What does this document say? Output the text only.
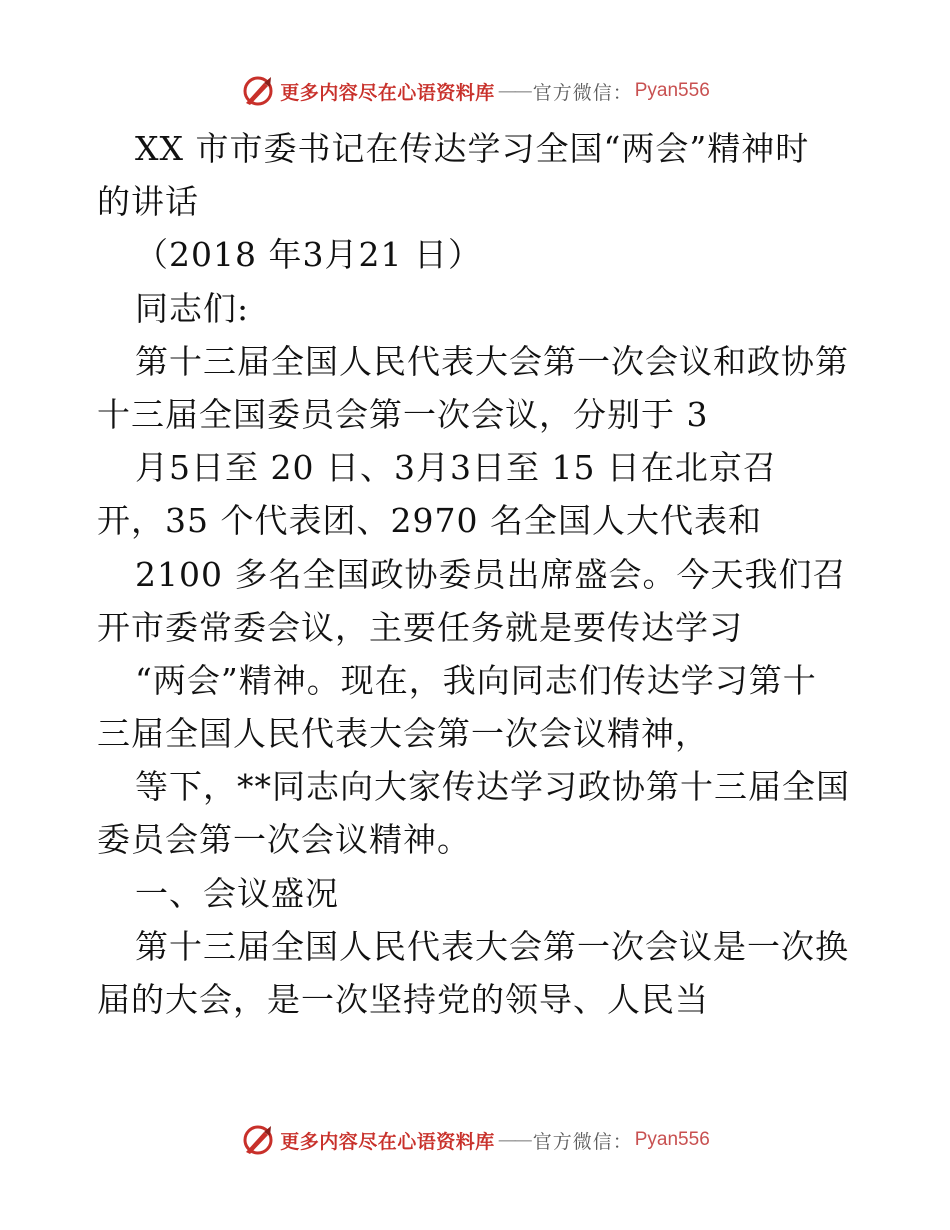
更多内容尽在心语资料库 —— 官方微信： Pyan556
XX 市市委书记在传达学习全国“两会”精神时
的讲话
（2018 年3月21 日）
同志们:
第十三届全国人民代表大会第一次会议和政协第
十三届全国委员会第一次会议，分别于 3
月5日至 20 日、3月3日至 15 日在北京召
开，35 个代表团、2970 名全国人大代表和
2100 多名全国政协委员出席盛会。今天我们召
开市委常委会议，主要任务就是要传达学习
“两会”精神。现在，我向同志们传达学习第十
三届全国人民代表大会第一次会议精神，
等下，**同志向大家传达学习政协第十三届全国
委员会第一次会议精神。
一、会议盛况
第十三届全国人民代表大会第一次会议是一次换
届的大会，是一次坚持党的领导、人民当
更多内容尽在心语资料库 —— 官方微信： Pyan556
